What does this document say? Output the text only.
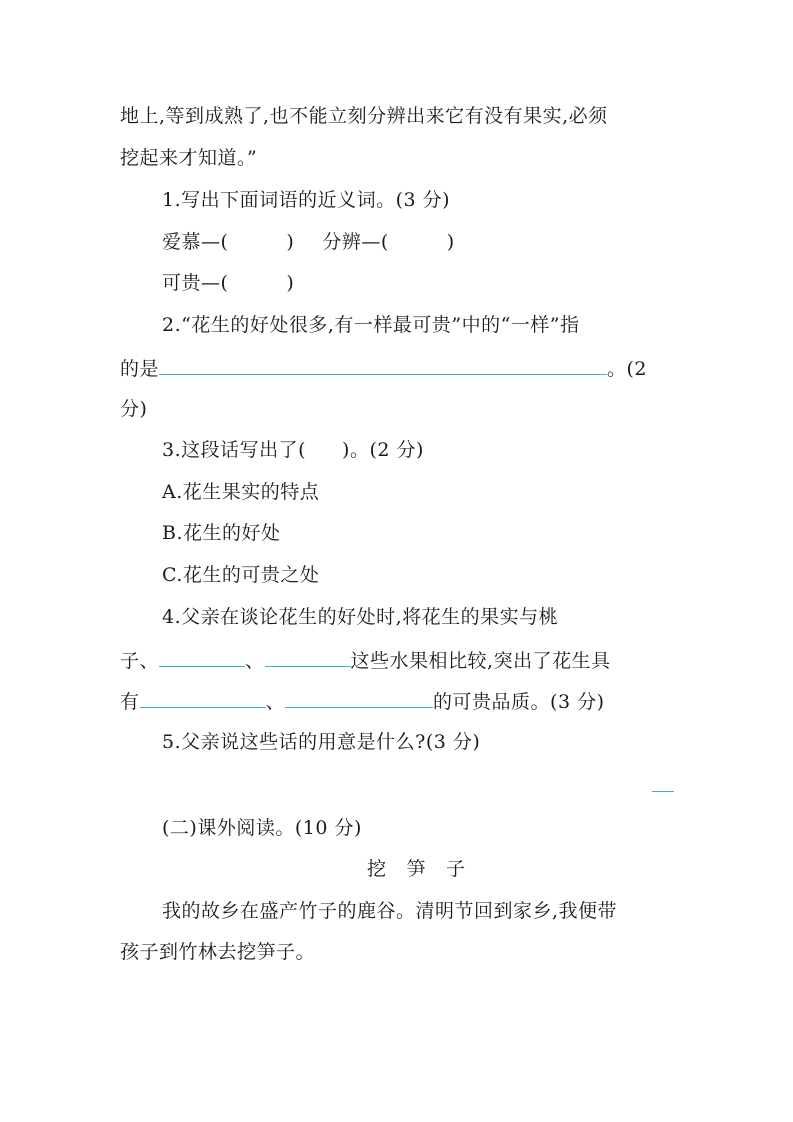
地上,等到成熟了,也不能立刻分辨出来它有没有果实,必须
挖起来才知道。”
1.写出下面词语的近义词。(3 分)
爱慕—(	) 分辨—(	)
可贵—(	)
2.“花生的好处很多,有一样最可贵”中的“一样”指
的是	。(2
分)
3.这段话写出了( )。(2 分)
A.花生果实的特点
B.花生的好处
C.花生的可贵之处
4.父亲在谈论花生的好处时,将花生的果实与桃
子、	、	这些水果相比较,突出了花生具
有	、	的可贵品质。(3 分)
5.父亲说这些话的用意是什么?(3 分)
(二)课外阅读。(10 分)
挖 笋 子
我的故乡在盛产竹子的鹿谷。清明节回到家乡,我便带
孩子到竹林去挖笋子。
